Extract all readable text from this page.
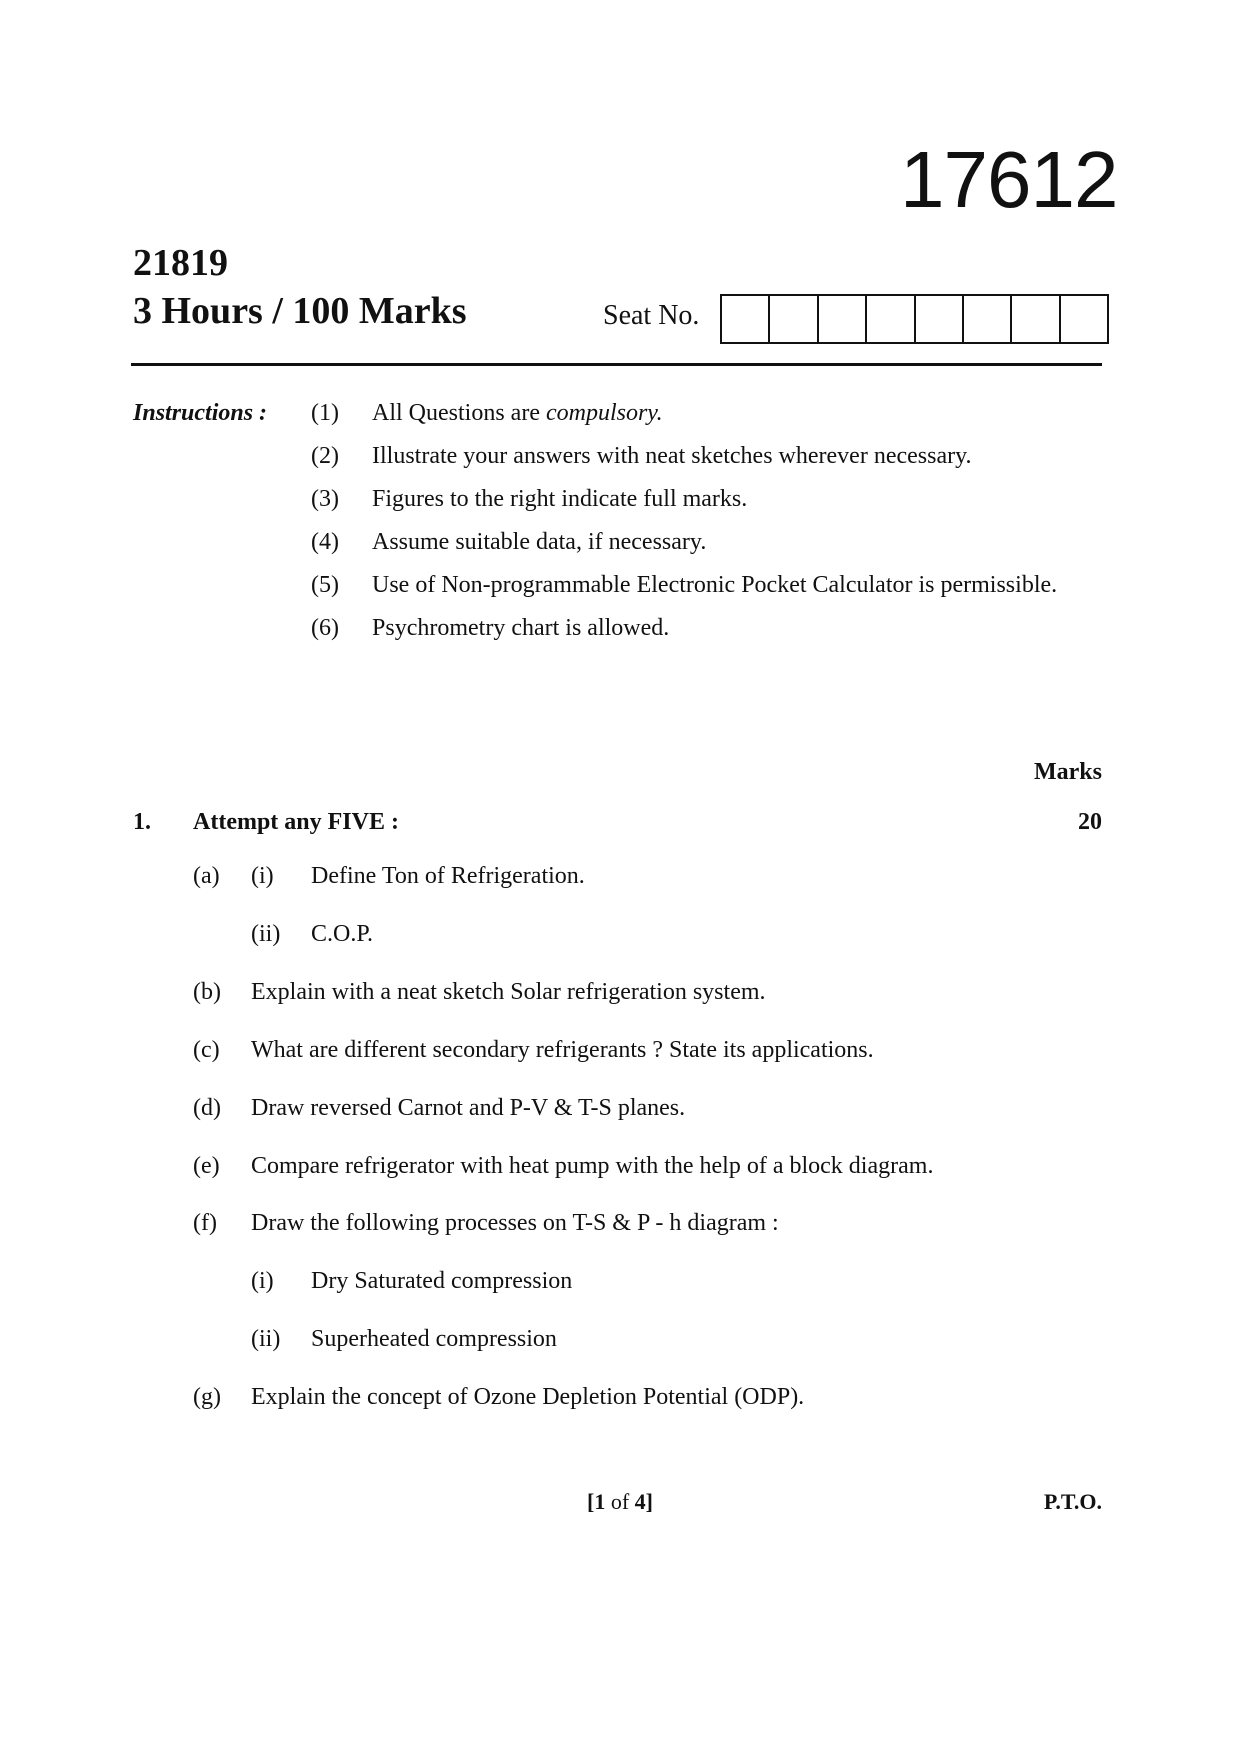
17612
21819
3 Hours / 100 Marks	Seat No.
Instructions : (1)	All Questions are compulsory.
(2)	Illustrate your answers with neat sketches wherever necessary.
(3)	Figures to the right indicate full marks.
(4)	Assume suitable data, if necessary.
(5)	Use of Non-programmable Electronic Pocket Calculator is permissible.
(6)	Psychrometry chart is allowed.
Marks
1. Attempt any FIVE :	20
(a) (i) Define Ton of Refrigeration.
(ii) C.O.P.
(b) Explain with a neat sketch Solar refrigeration system.
(c) What are different secondary refrigerants ? State its applications.
(d) Draw reversed Carnot and P-V & T-S planes.
(e) Compare refrigerator with heat pump with the help of a block diagram.
(f) Draw the following processes on T-S & P - h diagram :
(i) Dry Saturated compression
(ii) Superheated compression
(g) Explain the concept of Ozone Depletion Potential (ODP).
[1 of 4]	P.T.O.
